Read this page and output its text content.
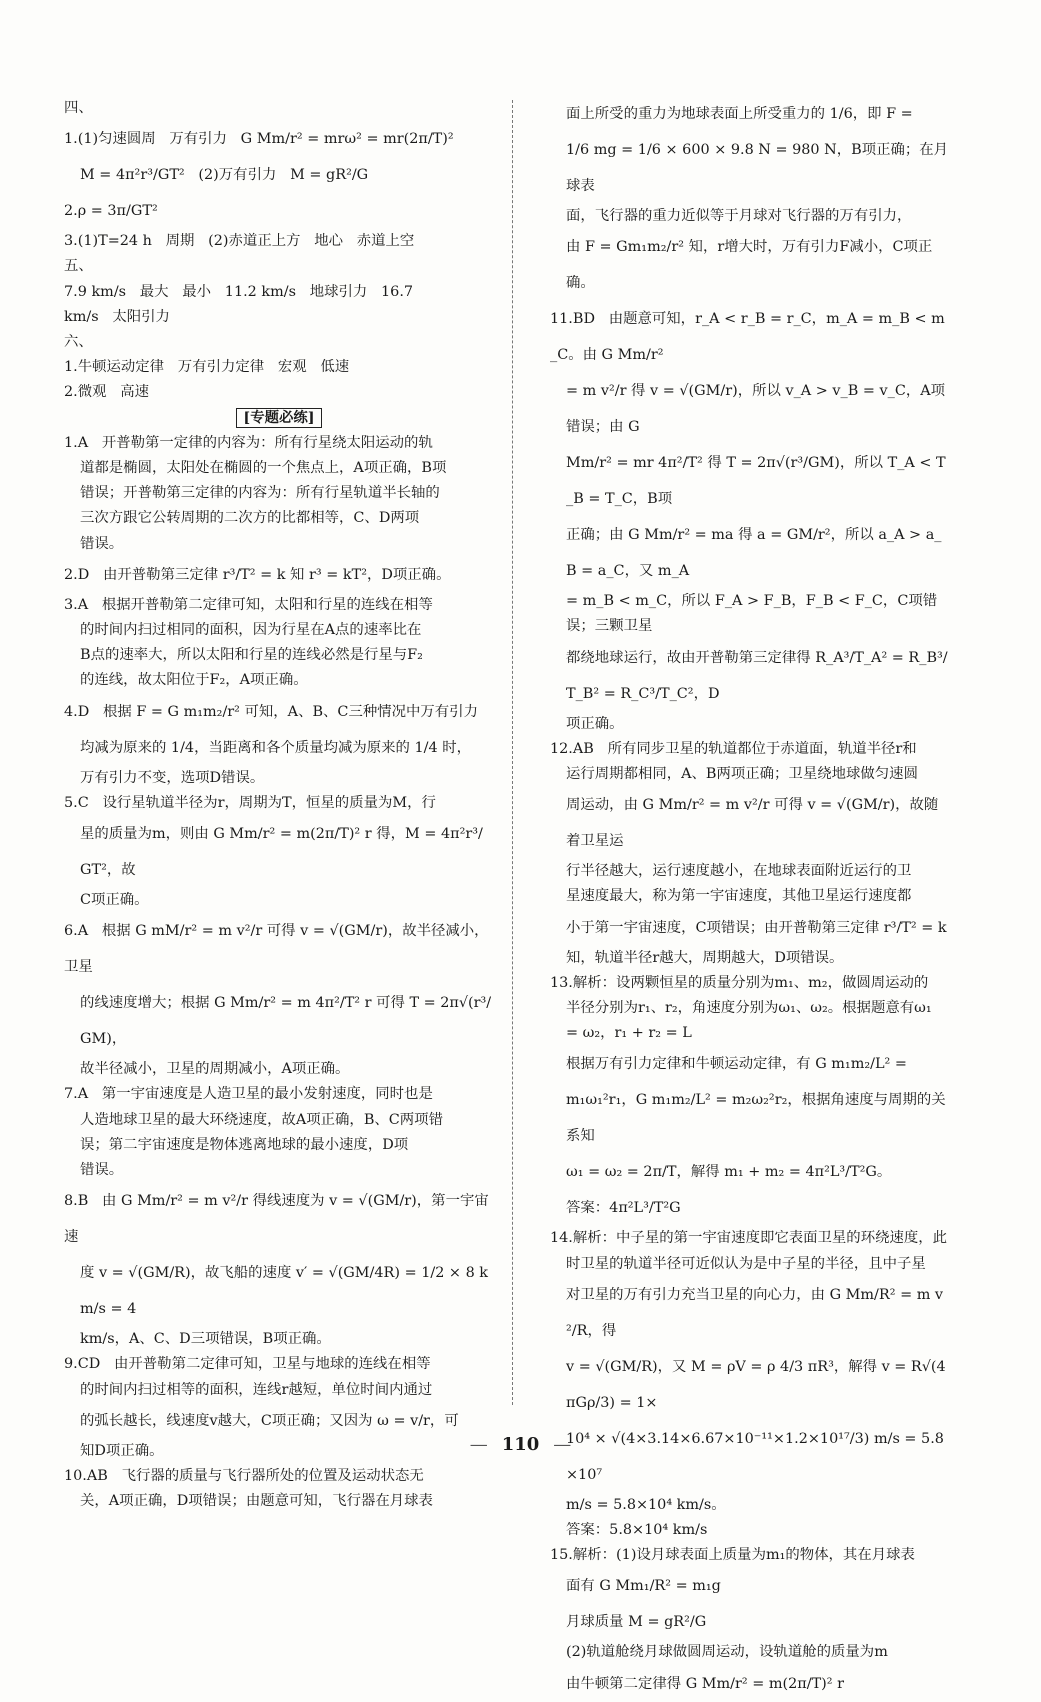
四、
1.(1)匀速圆周   万有引力   G Mm/r² = mrω² = mr(2π/T)²
M = 4π²r³/GT²   (2)万有引力   M = gR²/G
2.ρ = 3π/GT²
3.(1)T=24 h   周期   (2)赤道正上方   地心   赤道上空
五、
7.9 km/s   最大   最小   11.2 km/s   地球引力   16.7
km/s   太阳引力
六、
1.牛顿运动定律   万有引力定律   宏观   低速
2.微观   高速
[专题必练]
1.A   开普勒第一定律的内容为：所有行星绕太阳运动的轨
道都是椭圆，太阳处在椭圆的一个焦点上，A项正确，B项
错误；开普勒第三定律的内容为：所有行星轨道半长轴的
三次方跟它公转周期的二次方的比都相等，C、D两项
错误。
2.D   由开普勒第三定律 r³/T² = k 知 r³ = kT²，D项正确。
3.A   根据开普勒第二定律可知，太阳和行星的连线在相等
的时间内扫过相同的面积，因为行星在A点的速率比在
B点的速率大，所以太阳和行星的连线必然是行星与F₂
的连线，故太阳位于F₂，A项正确。
4.D   根据 F = G m₁m₂/r² 可知，A、B、C三种情况中万有引力
均减为原来的 1/4，当距离和各个质量均减为原来的 1/4 时，
万有引力不变，选项D错误。
5.C   设行星轨道半径为r，周期为T，恒星的质量为M，行
星的质量为m，则由 G Mm/r² = m(2π/T)² r 得，M = 4π²r³/GT²，故
C项正确。
6.A   根据 G mM/r² = m v²/r 可得 v = √(GM/r)，故半径减小，卫星
的线速度增大；根据 G Mm/r² = m 4π²/T² r 可得 T = 2π√(r³/GM)，
故半径减小，卫星的周期减小，A项正确。
7.A   第一宇宙速度是人造卫星的最小发射速度，同时也是
人造地球卫星的最大环绕速度，故A项正确，B、C两项错
误；第二宇宙速度是物体逃离地球的最小速度，D项
错误。
8.B   由 G Mm/r² = m v²/r 得线速度为 v = √(GM/r)，第一宇宙速
度 v = √(GM/R)，故飞船的速度 v′ = √(GM/4R) = 1/2 × 8 km/s = 4
km/s，A、C、D三项错误，B项正确。
9.CD   由开普勒第二定律可知，卫星与地球的连线在相等
的时间内扫过相等的面积，连线r越短，单位时间内通过
的弧长越长，线速度v越大，C项正确；又因为 ω = v/r，可
知D项正确。
10.AB   飞行器的质量与飞行器所处的位置及运动状态无
关，A项正确，D项错误；由题意可知，飞行器在月球表
面上所受的重力为地球表面上所受重力的 1/6，即 F =
1/6 mg = 1/6 × 600 × 9.8 N = 980 N，B项正确；在月球表
面，飞行器的重力近似等于月球对飞行器的万有引力，
由 F = Gm₁m₂/r² 知，r增大时，万有引力F减小，C项正确。
11.BD   由题意可知，r_A < r_B = r_C，m_A = m_B < m_C。由 G Mm/r²
= m v²/r 得 v = √(GM/r)，所以 v_A > v_B = v_C，A项错误；由 G
Mm/r² = mr 4π²/T² 得 T = 2π√(r³/GM)，所以 T_A < T_B = T_C，B项
正确；由 G Mm/r² = ma 得 a = GM/r²，所以 a_A > a_B = a_C，又 m_A
= m_B < m_C，所以 F_A > F_B，F_B < F_C，C项错误；三颗卫星
都绕地球运行，故由开普勒第三定律得 R_A³/T_A² = R_B³/T_B² = R_C³/T_C²，D
项正确。
12.AB   所有同步卫星的轨道都位于赤道面，轨道半径r和
运行周期都相同，A、B两项正确；卫星绕地球做匀速圆
周运动，由 G Mm/r² = m v²/r 可得 v = √(GM/r)，故随着卫星运
行半径越大，运行速度越小，在地球表面附近运行的卫
星速度最大，称为第一宇宙速度，其他卫星运行速度都
小于第一宇宙速度，C项错误；由开普勒第三定律 r³/T² = k
知，轨道半径r越大，周期越大，D项错误。
13.解析：设两颗恒星的质量分别为m₁、m₂，做圆周运动的
半径分别为r₁、r₂，角速度分别为ω₁、ω₂。根据题意有ω₁
= ω₂，r₁ + r₂ = L
根据万有引力定律和牛顿运动定律，有 G m₁m₂/L² =
m₁ω₁²r₁，G m₁m₂/L² = m₂ω₂²r₂，根据角速度与周期的关系知
ω₁ = ω₂ = 2π/T，解得 m₁ + m₂ = 4π²L³/T²G。
答案：4π²L³/T²G
14.解析：中子星的第一宇宙速度即它表面卫星的环绕速度，此
时卫星的轨道半径可近似认为是中子星的半径，且中子星
对卫星的万有引力充当卫星的向心力，由 G Mm/R² = m v²/R，得
v = √(GM/R)，又 M = ρV = ρ 4/3 πR³，解得 v = R√(4πGρ/3) = 1×
10⁴ × √(4×3.14×6.67×10⁻¹¹×1.2×10¹⁷/3) m/s = 5.8×10⁷
m/s = 5.8×10⁴ km/s。
答案：5.8×10⁴ km/s
15.解析：(1)设月球表面上质量为m₁的物体，其在月球表
面有 G Mm₁/R² = m₁g
月球质量 M = gR²/G
(2)轨道舱绕月球做圆周运动，设轨道舱的质量为m
由牛顿第二定律得 G Mm/r² = m(2π/T)² r
— 110 —
